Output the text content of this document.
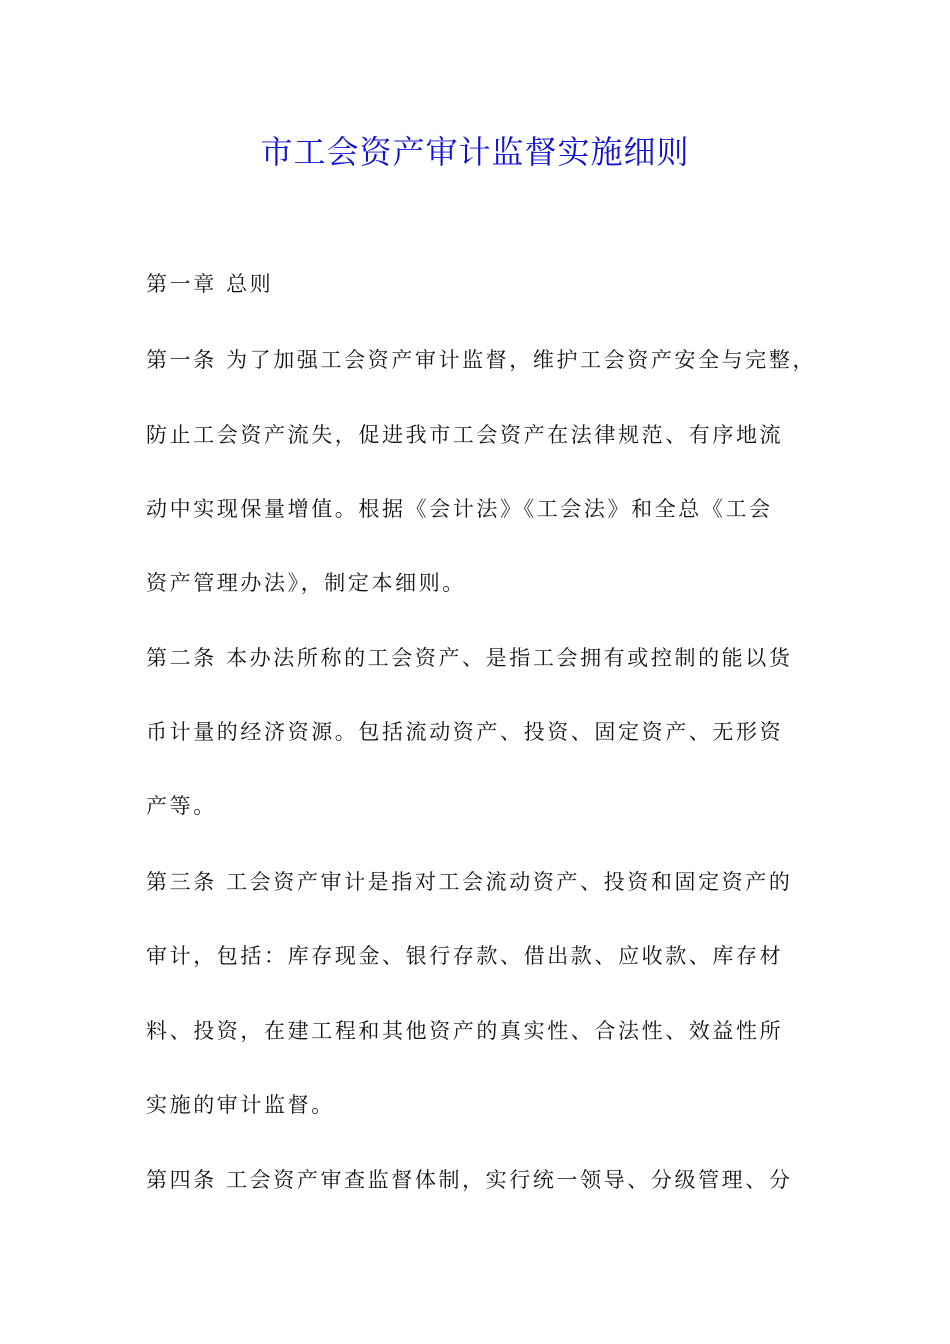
市工会资产审计监督实施细则
第一章 总则
第一条 为了加强工会资产审计监督，维护工会资产安全与完整，
防止工会资产流失，促进我市工会资产在法律规范、有序地流
动中实现保量增值。根据《会计法》《工会法》和全总《工会
资产管理办法》，制定本细则。
第二条 本办法所称的工会资产、是指工会拥有或控制的能以货
币计量的经济资源。包括流动资产、投资、固定资产、无形资
产等。
第三条 工会资产审计是指对工会流动资产、投资和固定资产的
审计，包括：库存现金、银行存款、借出款、应收款、库存材
料、投资，在建工程和其他资产的真实性、合法性、效益性所
实施的审计监督。
第四条 工会资产审查监督体制，实行统一领导、分级管理、分
